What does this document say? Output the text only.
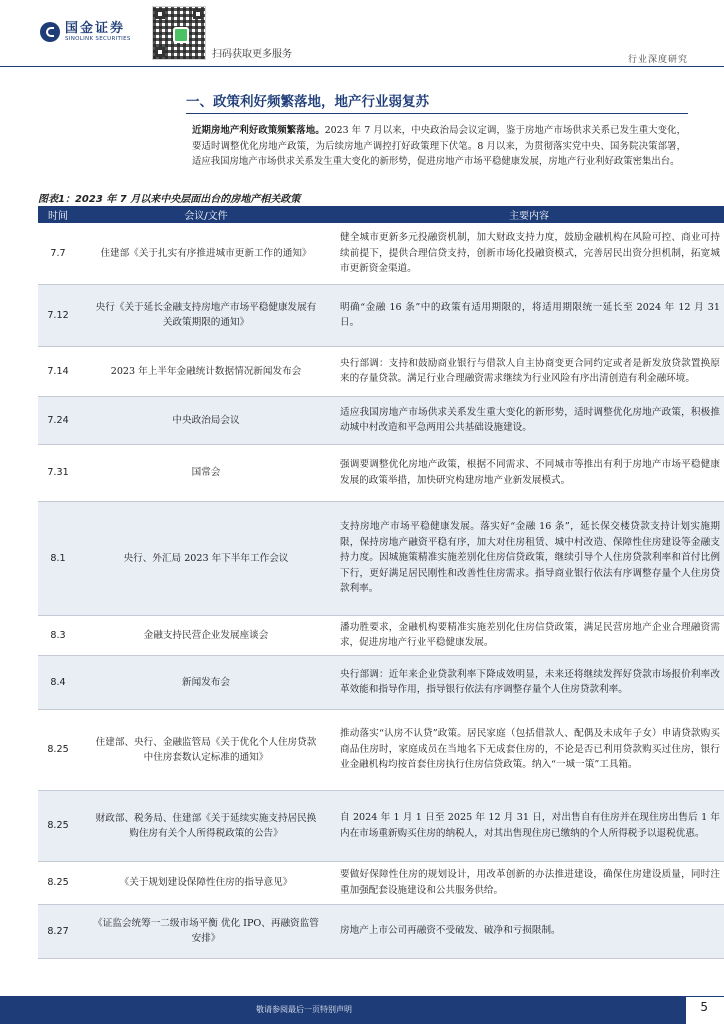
国金证券
SINOLINK SECURITIES
扫码获取更多服务	行业深度研究
一、政策利好频繁落地，地产行业弱复苏
近期房地产利好政策频繁落地。2023 年 7 月以来，中央政治局会议定调，鉴于房地产市场供求关系已发生重大变化，要适时调整优化房地产政策，为后续房地产调控打好政策理下伏笔。8 月以来，为贯彻落实党中央、国务院决策部署，适应我国房地产市场供求关系发生重大变化的新形势，促进房地产市场平稳健康发展，房地产行业利好政策密集出台。
图表1：2023 年 7 月以来中央层面出台的房地产相关政策
时间	会议/文件	主要内容
7.7	住建部《关于扎实有序推进城市更新工作的通知》	健全城市更新多元投融资机制，加大财政支持力度，鼓励金融机构在风险可控、商业可持续前提下，提供合理信贷支持，创新市场化投融资模式，完善居民出资分担机制，拓宽城市更新资金渠道。
7.12	央行《关于延长金融支持房地产市场平稳健康发展有关政策期限的通知》	明确“金融 16 条”中的政策有适用期限的，将适用期限统一延长至 2024 年 12 月 31 日。
7.14	2023 年上半年金融统计数据情况新闻发布会	央行部调：支持和鼓励商业银行与借款人自主协商变更合同约定或者是新发放贷款置换原来的存量贷款。满足行业合理融资需求继续为行业风险有序出清创造有利金融环境。
7.24	中央政治局会议	适应我国房地产市场供求关系发生重大变化的新形势，适时调整优化房地产政策，积极推动城中村改造和平急两用公共基础设施建设。
7.31	国常会	强调要调整优化房地产政策，根据不同需求、不同城市等推出有利于房地产市场平稳健康发展的政策举措，加快研究构建房地产业新发展模式。
8.1	央行、外汇局 2023 年下半年工作会议	支持房地产市场平稳健康发展。落实好“金融 16 条”，延长保交楼贷款支持计划实施期限，保持房地产融资平稳有序，加大对住房租赁、城中村改造、保障性住房建设等金融支持力度。因城施策精准实施差别化住房信贷政策，继续引导个人住房贷款利率和首付比例下行，更好满足居民刚性和改善性住房需求。指导商业银行依法有序调整存量个人住房贷款利率。
8.3	金融支持民营企业发展座谈会	潘功胜要求，金融机构要精准实施差别化住房信贷政策，满足民营房地产企业合理融资需求，促进房地产行业平稳健康发展。
8.4	新闻发布会	央行部调：近年来企业贷款利率下降成效明显，未来还将继续发挥好贷款市场报价利率改革效能和指导作用，指导银行依法有序调整存量个人住房贷款利率。
8.25	住建部、央行、金融监管局《关于优化个人住房贷款中住房套数认定标准的通知》	推动落实“认房不认贷”政策。居民家庭（包括借款人、配偶及未成年子女）申请贷款购买商品住房时，家庭成员在当地名下无成套住房的，不论是否已利用贷款购买过住房，银行业金融机构均按首套住房执行住房信贷政策。纳入“一城一策”工具箱。
8.25	财政部、税务局、住建部《关于延续实施支持居民换购住房有关个人所得税政策的公告》	自 2024 年 1 月 1 日至 2025 年 12 月 31 日，对出售自有住房并在现住房出售后 1 年内在市场重新购买住房的纳税人，对其出售现住房已缴纳的个人所得税予以退税优惠。
8.25	《关于规划建设保障性住房的指导意见》	要做好保障性住房的规划设计，用改革创新的办法推进建设，确保住房建设质量，同时注重加强配套设施建设和公共服务供给。
8.27	《证监会统筹一二级市场平衡 优化 IPO、再融资监管安排》	房地产上市公司再融资不受破发、破净和亏损限制。
敬请参阅最后一页特别声明	5
